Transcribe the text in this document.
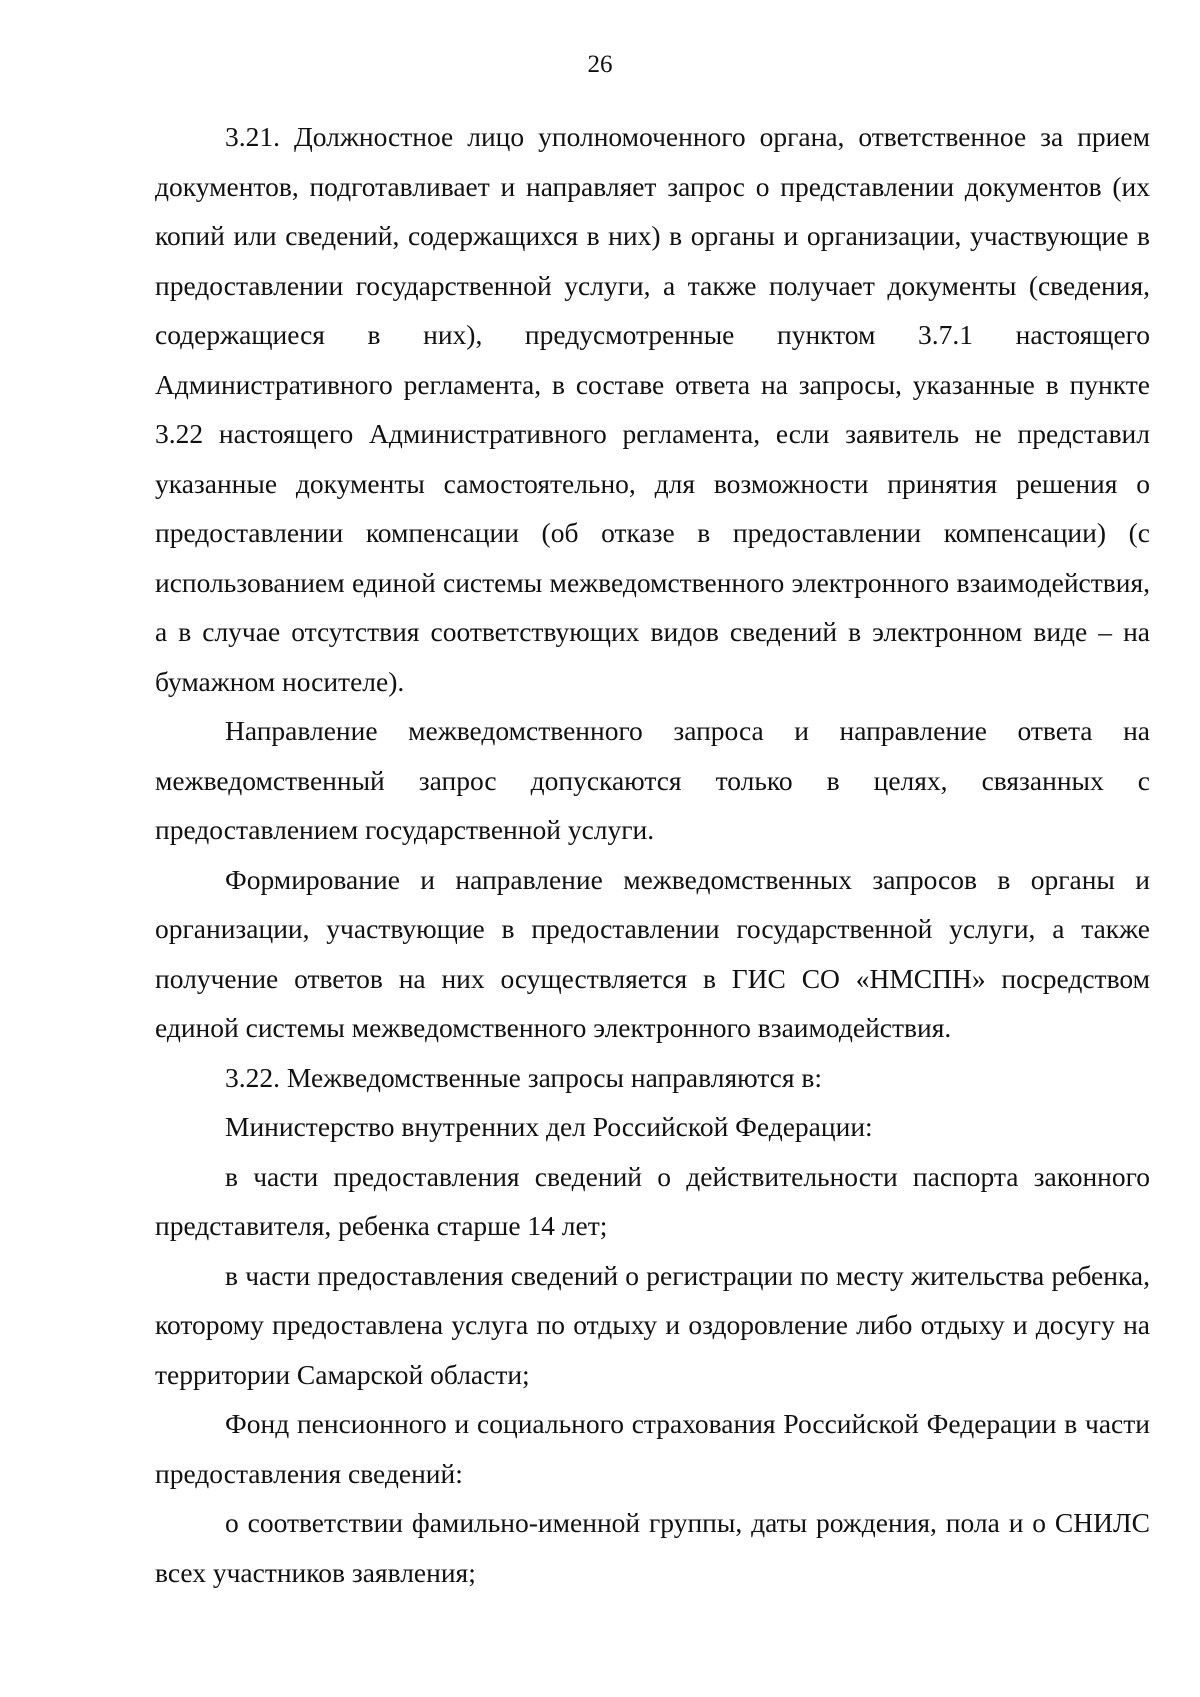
26

3.21. Должностное лицо уполномоченного органа, ответственное за прием документов, подготавливает и направляет запрос о представлении документов (их копий или сведений, содержащихся в них) в органы и организации, участвующие в предоставлении государственной услуги, а также получает документы (сведения, содержащиеся в них), предусмотренные пунктом 3.7.1 настоящего Административного регламента, в составе ответа на запросы, указанные в пункте 3.22 настоящего Административного регламента, если заявитель не представил указанные документы самостоятельно, для возможности принятия решения о предоставлении компенсации (об отказе в предоставлении компенсации) (с использованием единой системы межведомственного электронного взаимодействия, а в случае отсутствия соответствующих видов сведений в электронном виде – на бумажном носителе).

Направление межведомственного запроса и направление ответа на межведомственный запрос допускаются только в целях, связанных с предоставлением государственной услуги.

Формирование и направление межведомственных запросов в органы и организации, участвующие в предоставлении государственной услуги, а также получение ответов на них осуществляется в ГИС СО «НМСПН» посредством единой системы межведомственного электронного взаимодействия.

3.22. Межведомственные запросы направляются в:

Министерство внутренних дел Российской Федерации:

в части предоставления сведений о действительности паспорта законного представителя, ребенка старше 14 лет;

в части предоставления сведений о регистрации по месту жительства ребенка, которому предоставлена услуга по отдыху и оздоровление либо отдыху и досугу на территории Самарской области;

Фонд пенсионного и социального страхования Российской Федерации в части предоставления сведений:

о соответствии фамильно-именной группы, даты рождения, пола и о СНИЛС всех участников заявления;
